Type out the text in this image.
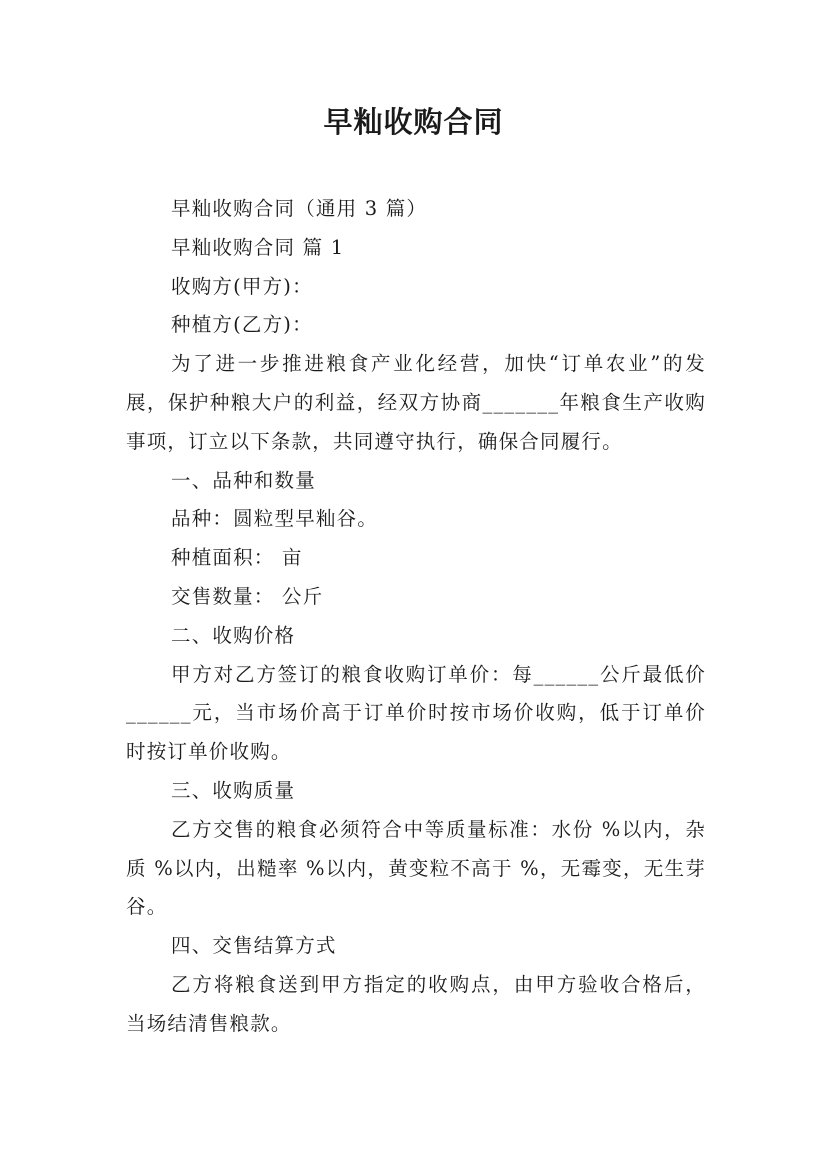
早籼收购合同

早籼收购合同（通用 3 篇）

早籼收购合同 篇 1

收购方(甲方)：

种植方(乙方)：

为了进一步推进粮食产业化经营，加快“订单农业”的发展，保护种粮大户的利益，经双方协商_______年粮食生产收购事项，订立以下条款，共同遵守执行，确保合同履行。

一、品种和数量

品种：圆粒型早籼谷。

种植面积： 亩

交售数量： 公斤

二、收购价格

甲方对乙方签订的粮食收购订单价：每______公斤最低价______元，当市场价高于订单价时按市场价收购，低于订单价时按订单价收购。

三、收购质量

乙方交售的粮食必须符合中等质量标准：水份 %以内，杂质 %以内，出糙率 %以内，黄变粒不高于 %，无霉变，无生芽谷。

四、交售结算方式

乙方将粮食送到甲方指定的收购点，由甲方验收合格后，当场结清售粮款。
